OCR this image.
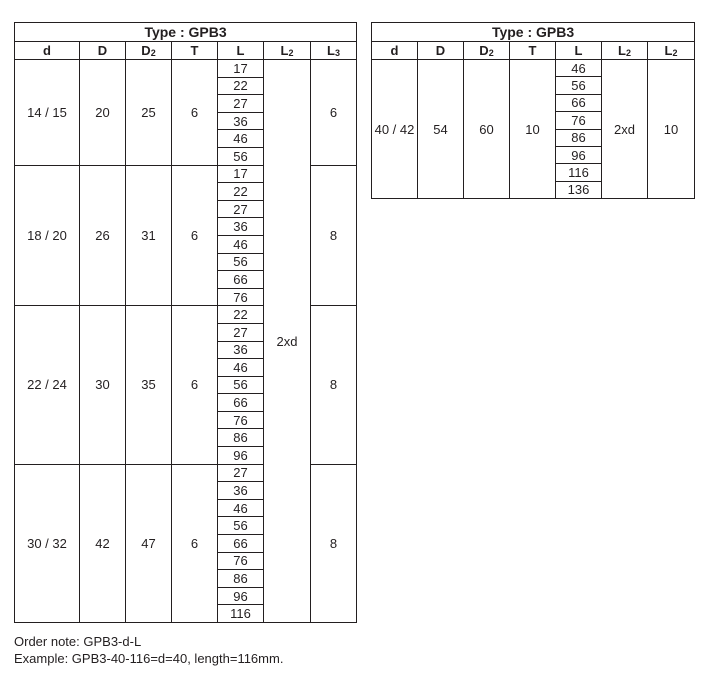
Type : GPB3						
d	D	$D_2$	T	L	$L_2$	$L_3$
14 / 15	20	25	6	17	2xd	6
				22		
				27		
				36		
				46		
				56		
18 / 20	26	31	6	17		8
				22		
				27		
				36		
				46		
				56		
				66		
				76		
22 / 24	30	35	6	22		8
				27		
				36		
				46		
				56		
				66		
				76		
				86		
				96		
30 / 32	42	47	6	27		8
				36		
				46		
				56		
				66		
				76		
				86		
				96		
				116		
Type : GPB3						
d	D	$D_2$	T	L	$L_2$	$L_2$
40 / 42	54	60	10	46	2xd	10
				56		
				66		
				76		
				86		
				96		
				116		
				136		
Order note: GPB3-d-L
Example: GPB3-40-116=d=40, length=116mm.
